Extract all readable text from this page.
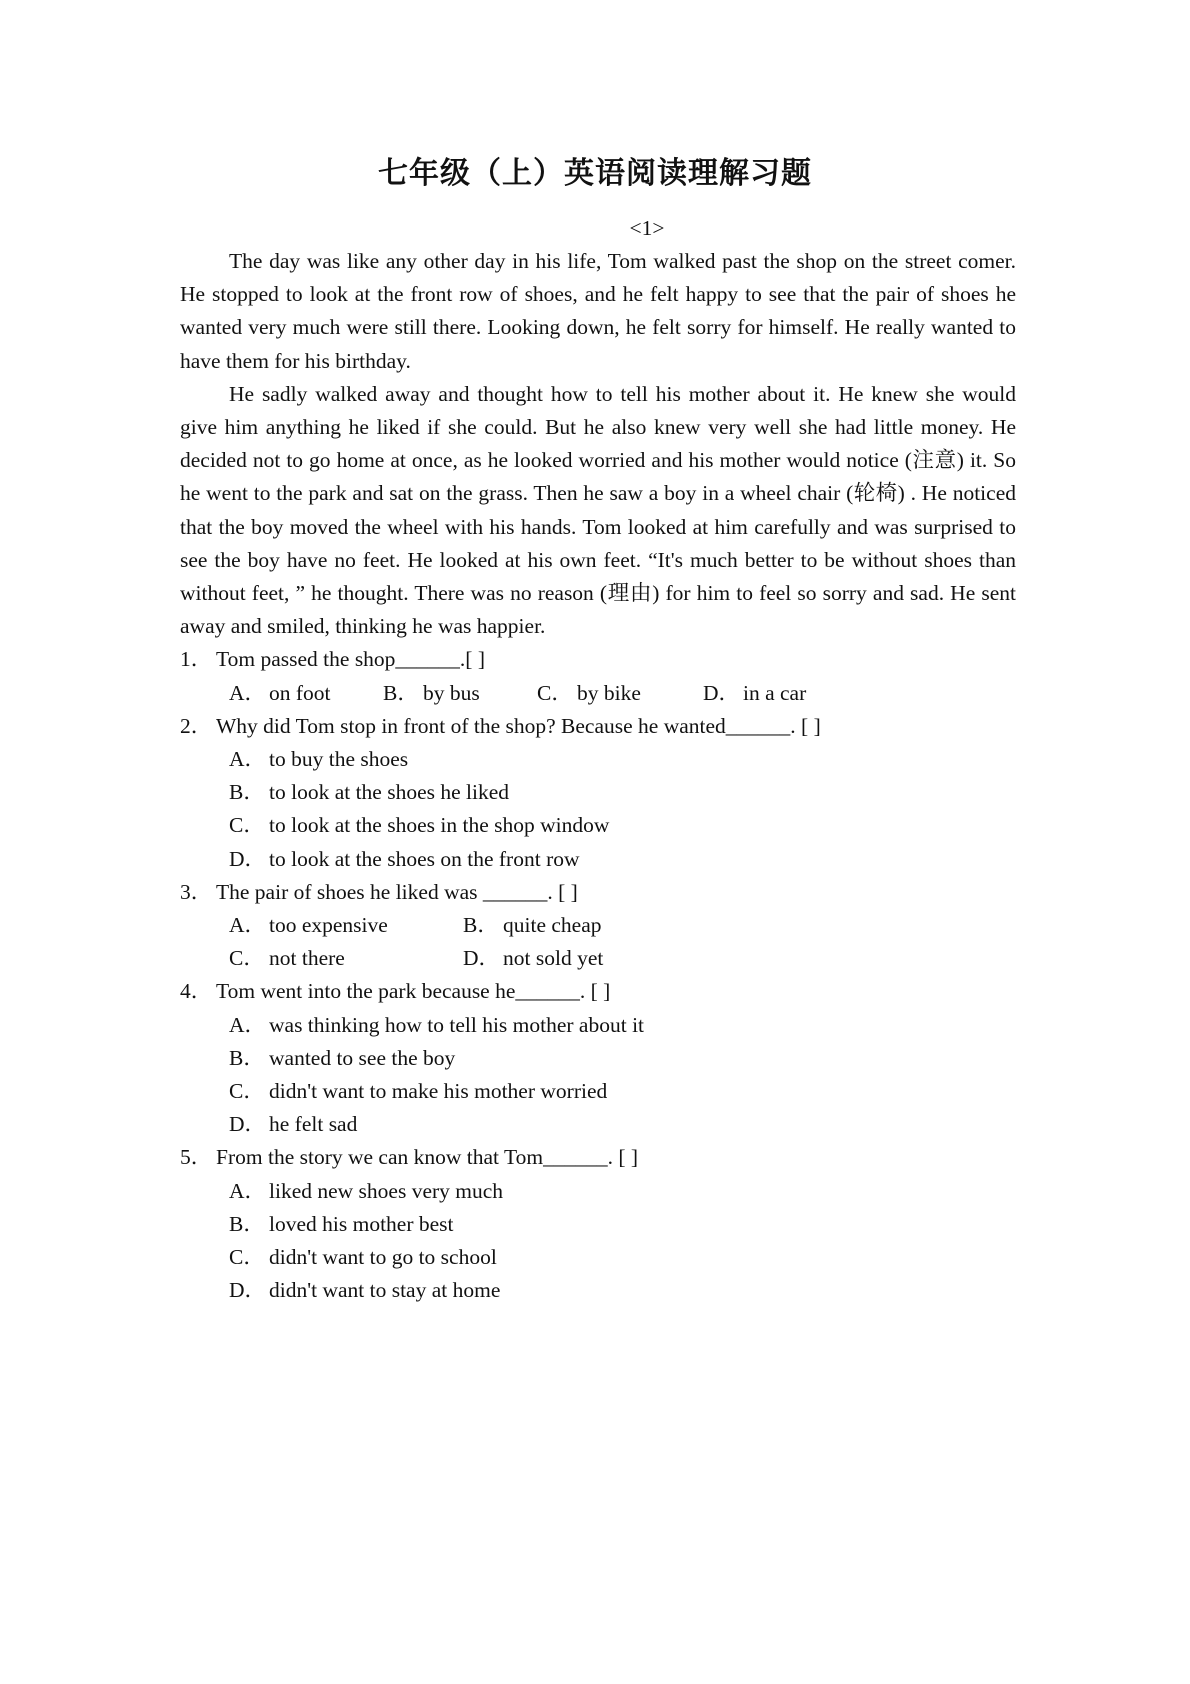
七年级（上）英语阅读理解习题
<1>

The day was like any other day in his life, Tom walked past the shop on the street comer. He stopped to look at the front row of shoes, and he felt happy to see that the pair of shoes he wanted very much were still there. Looking down, he felt sorry for himself. He really wanted to have them for his birthday.

He sadly walked away and thought how to tell his mother about it. He knew she would give him anything he liked if she could. But he also knew very well she had little money. He decided not to go home at once, as he looked worried and his mother would notice (注意) it. So he went to the park and sat on the grass. Then he saw a boy in a wheel chair (轮椅) . He noticed that the boy moved the wheel with his hands. Tom looked at him carefully and was surprised to see the boy have no feet. He looked at his own feet. “It's much better to be without shoes than without feet, ” he thought. There was no reason (理由) for him to feel so sorry and sad. He sent away and smiled, thinking he was happier.

1． Tom passed the shop______.[ ]
A． on foot B． by bus	C． by bike	D． in a car
2． Why did Tom stop in front of the shop? Because he wanted______. [ ]
A． to buy the shoes
B． to look at the shoes he liked
C． to look at the shoes in the shop window
D． to look at the shoes on the front row
3． The pair of shoes he liked was ______. [ ]
A． too expensive	B． quite cheap
C． not there	D． not sold yet
4． Tom went into the park because he______. [ ]
A． was thinking how to tell his mother about it
B． wanted to see the boy
C． didn't want to make his mother worried
D． he felt sad
5． From the story we can know that Tom______. [ ]
A． liked new shoes very much
B． loved his mother best
C． didn't want to go to school
D． didn't want to stay at home
